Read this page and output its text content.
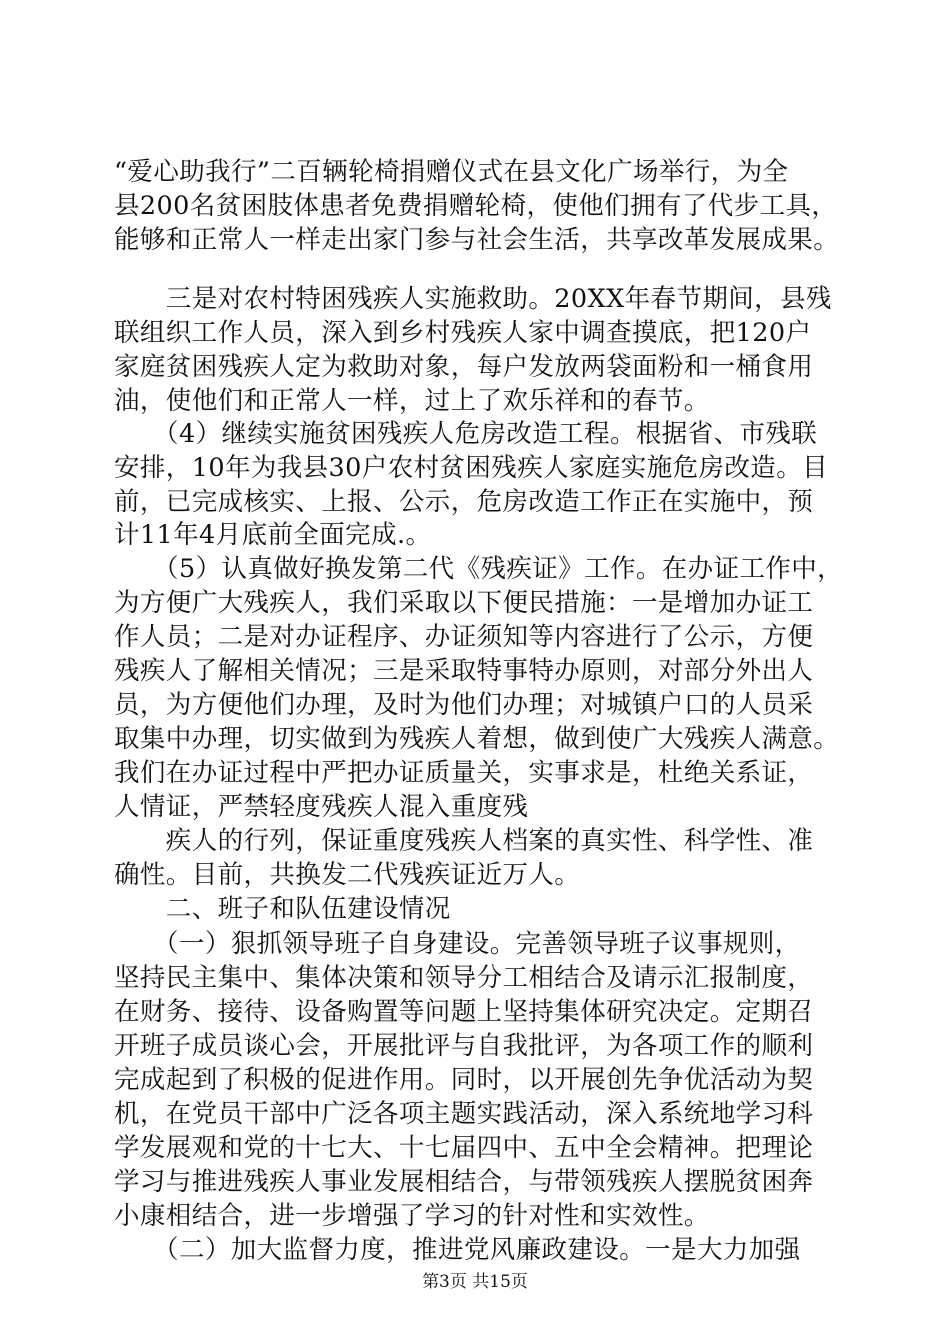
“爱心助我行”二百辆轮椅捐赠仪式在县文化广场举行，为全
县200名贫困肢体患者免费捐赠轮椅，使他们拥有了代步工具，
能够和正常人一样走出家门参与社会生活，共享改革发展成果。
　　三是对农村特困残疾人实施救助。20XX年春节期间，县残
联组织工作人员，深入到乡村残疾人家中调查摸底，把120户
家庭贫困残疾人定为救助对象，每户发放两袋面粉和一桶食用
油，使他们和正常人一样，过上了欢乐祥和的春节。
　　（4）继续实施贫困残疾人危房改造工程。根据省、市残联
安排，10年为我县30户农村贫困残疾人家庭实施危房改造。目
前，已完成核实、上报、公示，危房改造工作正在实施中，预
计11年4月底前全面完成.。
　　（5）认真做好换发第二代《残疾证》工作。在办证工作中，
为方便广大残疾人，我们采取以下便民措施：一是增加办证工
作人员；二是对办证程序、办证须知等内容进行了公示，方便
残疾人了解相关情况；三是采取特事特办原则，对部分外出人
员，为方便他们办理，及时为他们办理；对城镇户口的人员采
取集中办理，切实做到为残疾人着想，做到使广大残疾人满意。
我们在办证过程中严把办证质量关，实事求是，杜绝关系证，
人情证，严禁轻度残疾人混入重度残
　　疾人的行列，保证重度残疾人档案的真实性、科学性、准
确性。目前，共换发二代残疾证近万人。
　　二、班子和队伍建设情况
　　（一）狠抓领导班子自身建设。完善领导班子议事规则，
坚持民主集中、集体决策和领导分工相结合及请示汇报制度，
在财务、接待、设备购置等问题上坚持集体研究决定。定期召
开班子成员谈心会，开展批评与自我批评，为各项工作的顺利
完成起到了积极的促进作用。同时，以开展创先争优活动为契
机，在党员干部中广泛各项主题实践活动，深入系统地学习科
学发展观和党的十七大、十七届四中、五中全会精神。把理论
学习与推进残疾人事业发展相结合，与带领残疾人摆脱贫困奔
小康相结合，进一步增强了学习的针对性和实效性。
　　（二）加大监督力度，推进党风廉政建设。一是大力加强
第3页 共15页
